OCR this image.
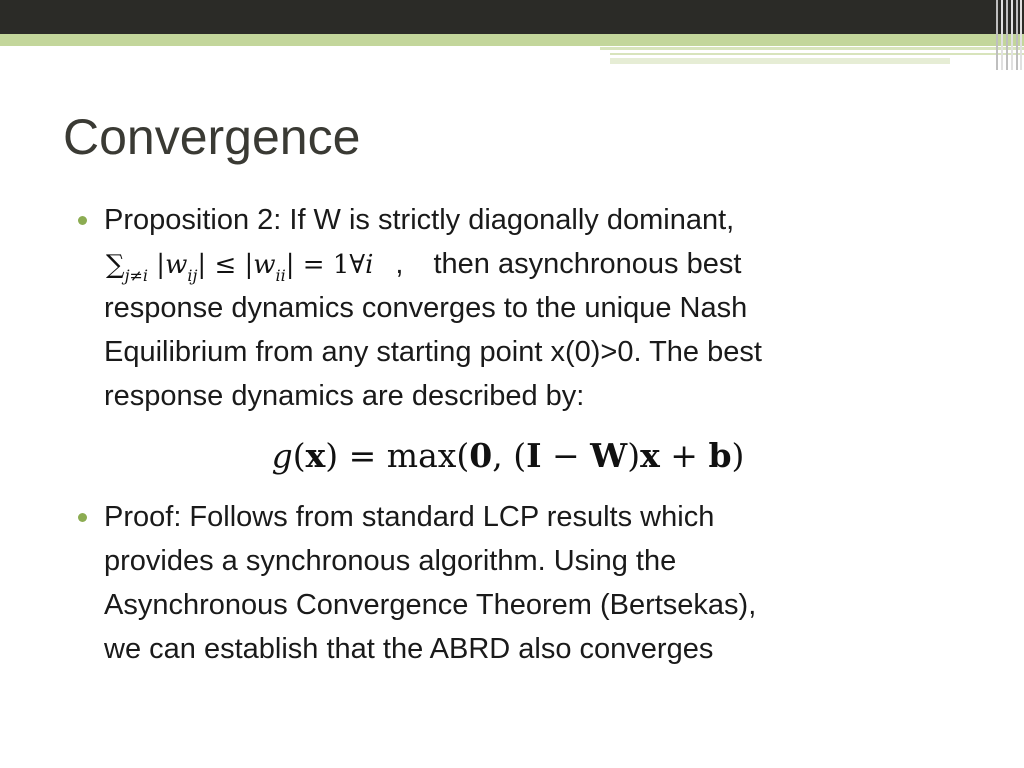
Convergence
Proposition 2: If W is strictly diagonally dominant,
$\sum_{j\ne i}$ $|w_{ij}| \le |w_{ii}|$ = 1∀i , then asynchronous best
response dynamics converges to the unique Nash
Equilibrium from any starting point x(0)>0. The best
response dynamics are described by:
g(x) = max(0, (I − W)x + b)
Proof: Follows from standard LCP results which
provides a synchronous algorithm. Using the
Asynchronous Convergence Theorem (Bertsekas),
we can establish that the ABRD also converges
